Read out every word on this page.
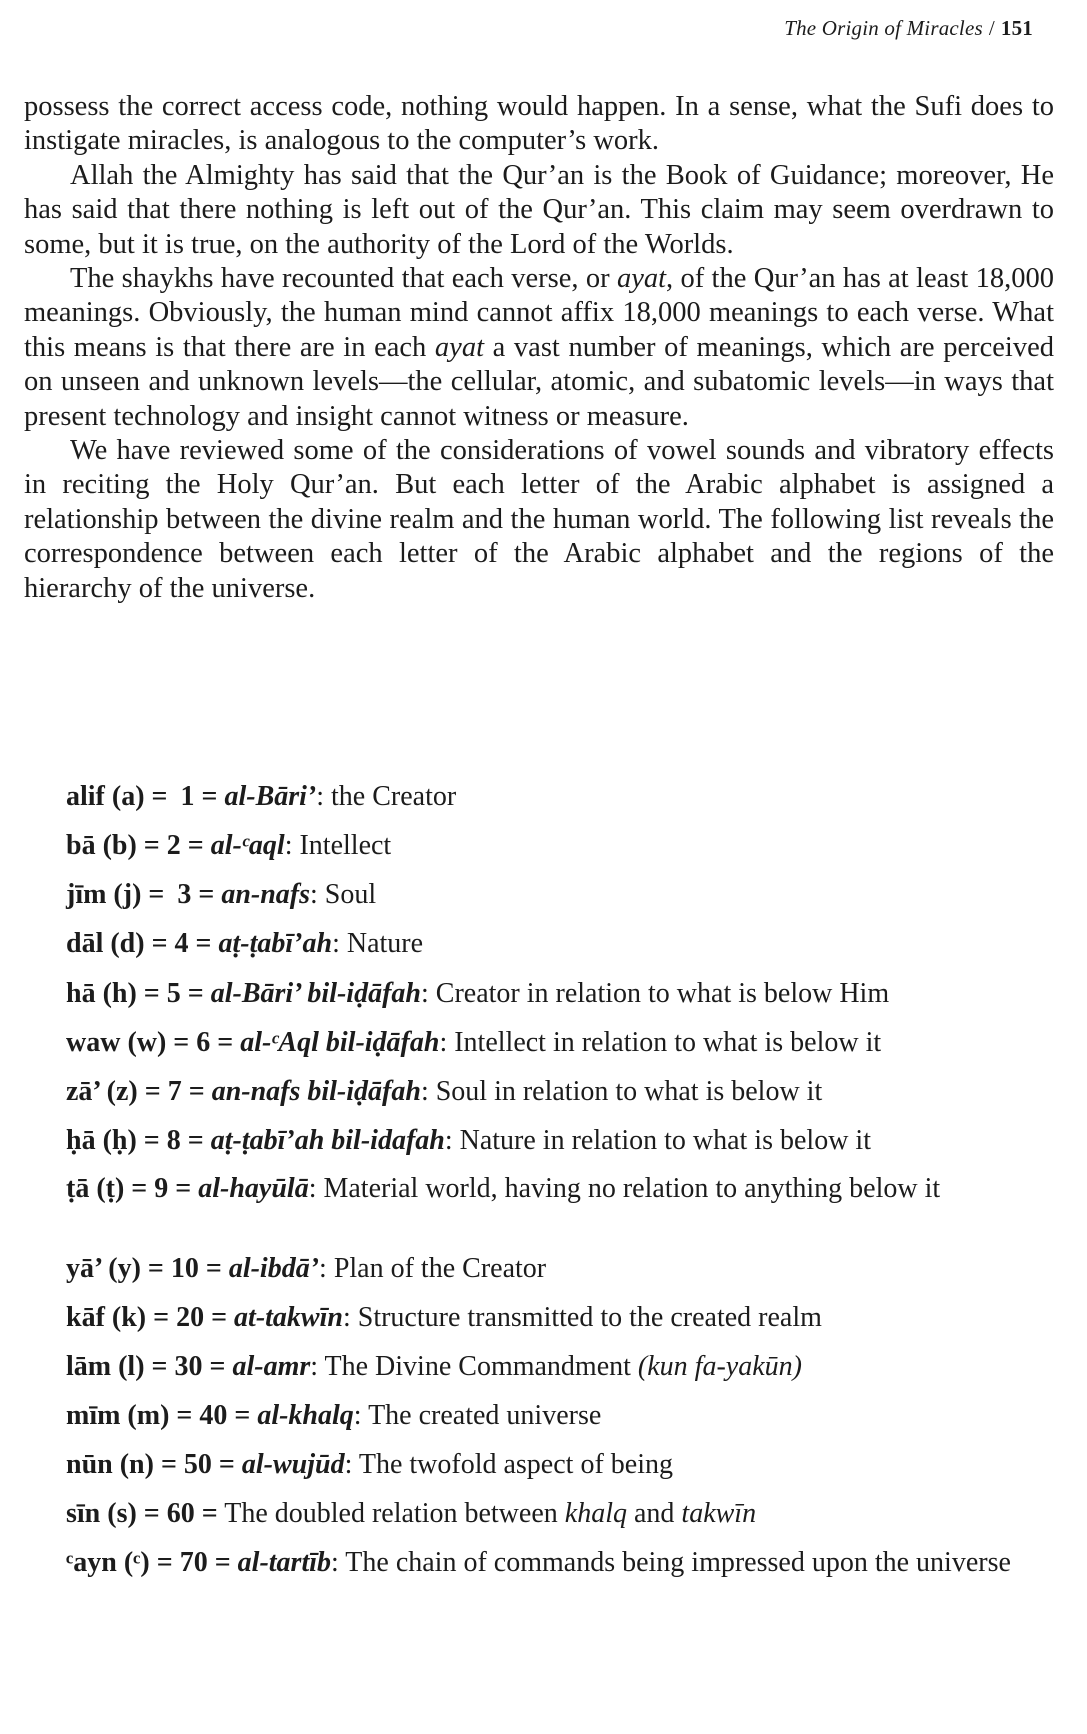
The Origin of Miracles / 151

possess the correct access code, nothing would happen. In a sense, what the Sufi does to instigate miracles, is analogous to the computer’s work.

Allah the Almighty has said that the Qur’an is the Book of Guidance; moreover, He has said that there nothing is left out of the Qur’an. This claim may seem overdrawn to some, but it is true, on the authority of the Lord of the Worlds.

The shaykhs have recounted that each verse, or ayat, of the Qur’an has at least 18,000 meanings. Obviously, the human mind cannot affix 18,000 meanings to each verse. What this means is that there are in each ayat a vast number of meanings, which are perceived on unseen and unknown levels—the cellular, atomic, and subatomic levels—in ways that present technology and insight cannot witness or measure.

We have reviewed some of the considerations of vowel sounds and vibratory effects in reciting the Holy Qur’an. But each letter of the Arabic alphabet is assigned a relationship between the divine realm and the human world. The following list reveals the correspondence between each letter of the Arabic alphabet and the regions of the hierarchy of the universe.

alif (a) = 1 = al-Bāri’: the Creator
bā (b) = 2 = al-ᶜaql: Intellect
jīm (j) = 3 = an-nafs: Soul
dāl (d) = 4 = aṭ-ṭabī’ah: Nature
hā (h) = 5 = al-Bāri’ bil-iḍāfah: Creator in relation to what is below Him
waw (w) = 6 = al-ᶜAql bil-iḍāfah: Intellect in relation to what is below it
zā’ (z) = 7 = an-nafs bil-iḍāfah: Soul in relation to what is below it
ḥā (ḥ) = 8 = aṭ-ṭabī’ah bil-idafah: Nature in relation to what is below it
ṭā (ṭ) = 9 = al-hayūlā: Material world, having no relation to anything below it
yā’ (y) = 10 = al-ibdā’: Plan of the Creator
kāf (k) = 20 = at-takwīn: Structure transmitted to the created realm
lām (l) = 30 = al-amr: The Divine Commandment (kun fa-yakūn)
mīm (m) = 40 = al-khalq: The created universe
nūn (n) = 50 = al-wujūd: The twofold aspect of being
sīn (s) = 60 = The doubled relation between khalq and takwīn
ᶜayn (ᶜ) = 70 = al-tartīb: The chain of commands being impressed upon the universe
